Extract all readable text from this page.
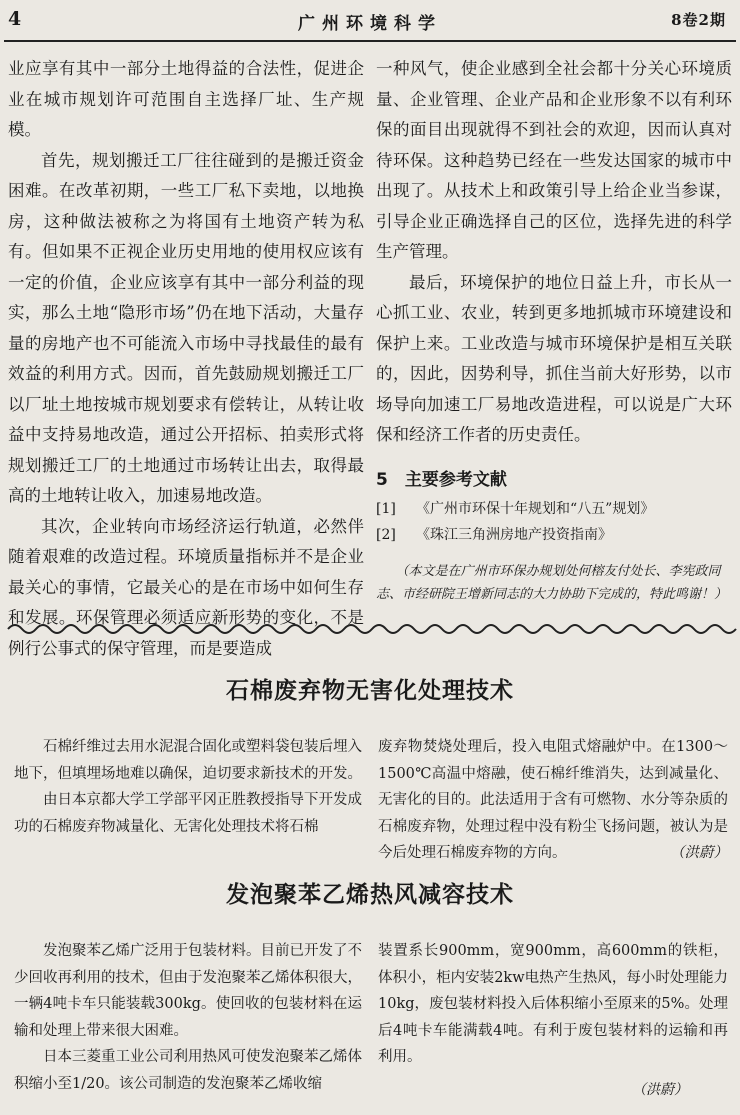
4	广州环境科学	8卷2期

业应享有其中一部分土地得益的合法性，促进企业在城市规划许可范围自主选择厂址、生产规模。

首先，规划搬迁工厂往往碰到的是搬迁资金困难。在改革初期，一些工厂私下卖地，以地换房，这种做法被称之为将国有土地资产转为私有。但如果不正视企业历史用地的使用权应该有一定的价值，企业应该享有其中一部分利益的现实，那么土地“隐形市场”仍在地下活动，大量存量的房地产也不可能流入市场中寻找最佳的最有效益的利用方式。因而，首先鼓励规划搬迁工厂以厂址土地按城市规划要求有偿转让，从转让收益中支持易地改造，通过公开招标、拍卖形式将规划搬迁工厂的土地通过市场转让出去，取得最高的土地转让收入，加速易地改造。

其次，企业转向市场经济运行轨道，必然伴随着艰难的改造过程。环境质量指标并不是企业最关心的事情，它最关心的是在市场中如何生存和发展。环保管理必须适应新形势的变化，不是例行公事式的保守管理，而是要造成

一种风气，使企业感到全社会都十分关心环境质量、企业管理、企业产品和企业形象不以有利环保的面目出现就得不到社会的欢迎，因而认真对待环保。这种趋势已经在一些发达国家的城市中出现了。从技术上和政策引导上给企业当参谋，引导企业正确选择自己的区位，选择先进的科学生产管理。

最后，环境保护的地位日益上升，市长从一心抓工业、农业，转到更多地抓城市环境建设和保护上来。工业改造与城市环境保护是相互关联的，因此，因势利导，抓住当前大好形势，以市场导向加速工厂易地改造进程，可以说是广大环保和经济工作者的历史责任。

5　主要参考文献
[1] 《广州市环保十年规划和“八五”规划》
[2] 《珠江三角洲房地产投资指南》
（本文是在广州市环保办规划处何榕友付处长、李宪政同志、市经研院王增新同志的大力协助下完成的，特此鸣谢！）
石棉废弃物无害化处理技术

石棉纤维过去用水泥混合固化或塑料袋包装后埋入地下，但填埋场地难以确保，迫切要求新技术的开发。

由日本京都大学工学部平冈正胜教授指导下开发成功的石棉废弃物减量化、无害化处理技术将石棉

废弃物焚烧处理后，投入电阻式熔融炉中。在1300～1500℃高温中熔融，使石棉纤维消失，达到减量化、无害化的目的。此法适用于含有可燃物、水分等杂质的石棉废弃物，处理过程中没有粉尘飞扬问题，被认为是今后处理石棉废弃物的方向。	（洪蔚）

发泡聚苯乙烯热风减容技术

发泡聚苯乙烯广泛用于包装材料。目前已开发了不少回收再利用的技术，但由于发泡聚苯乙烯体积很大，一辆4吨卡车只能装载300kg。使回收的包装材料在运输和处理上带来很大困难。

日本三菱重工业公司利用热风可使发泡聚苯乙烯体积缩小至1/20。该公司制造的发泡聚苯乙烯收缩

装置系长900mm，宽900mm，高600mm的铁柜，体积小，柜内安装2kw电热产生热风，每小时处理能力10kg，废包装材料投入后体积缩小至原来的5%。处理后4吨卡车能满载4吨。有利于废包装材料的运输和再利用。

（洪蔚）
